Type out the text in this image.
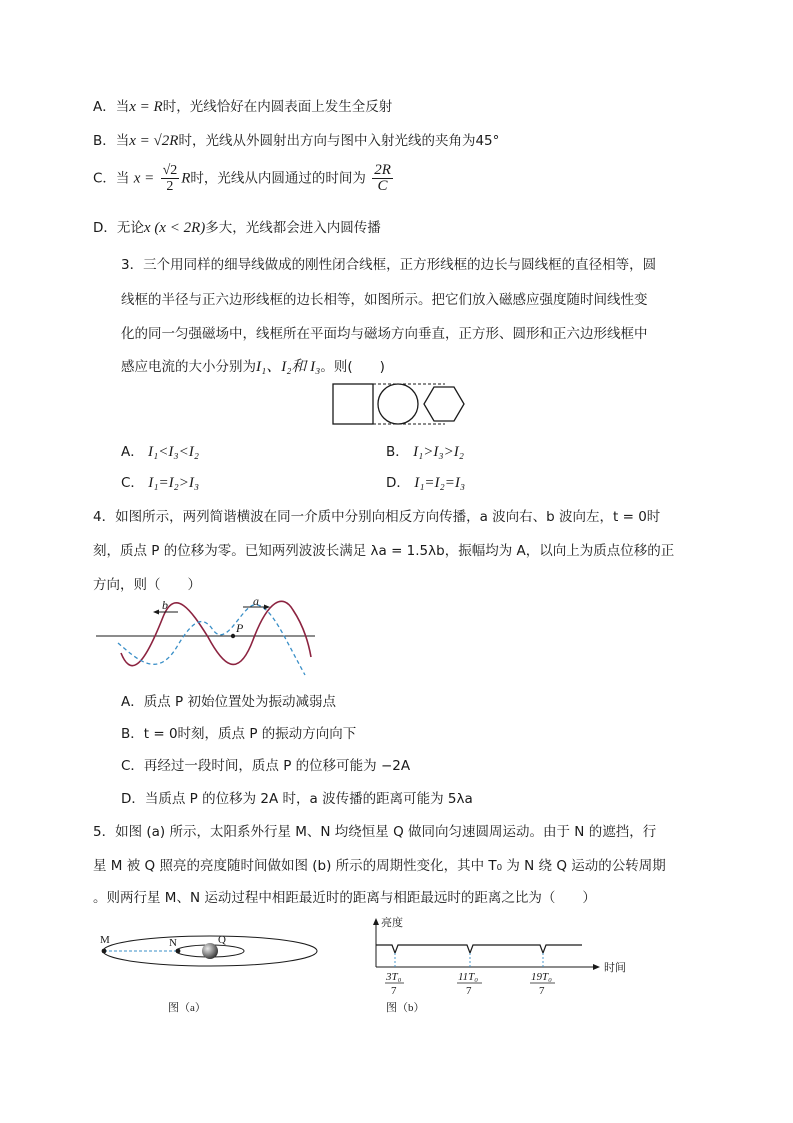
A．当x = R时，光线恰好在内圆表面上发生全反射
B．当x = √2R时，光线从外圆射出方向与图中入射光线的夹角为45°
C．当 $x = \frac{√2}{2}$ R时，光线从内圆通过的时间为 $\frac{2R}{C}$
D．无论x (x < 2R)多大，光线都会进入内圆传播
3．三个用同样的细导线做成的刚性闭合线框，正方形线框的边长与圆线框的直径相等，圆
线框的半径与正六边形线框的边长相等，如图所示。把它们放入磁感应强度随时间线性变
化的同一匀强磁场中，线框所在平面均与磁场方向垂直，正方形、圆形和正六边形线框中
感应电流的大小分别为I₁、I₂和 I₃。则(　　)
A． I₁<I₃<I₂	B． I₁>I₃>I₂
C． I₁=I₂>I₃	D． I₁=I₂=I₃
4．如图所示，两列简谐横波在同一介质中分别向相反方向传播，a 波向右、b 波向左，t = 0时
刻，质点 P 的位移为零。已知两列波波长满足 λa = 1.5λb，振幅均为 A，以向上为质点位移的正
方向，则（　　）
b	a
P
A．质点 P 初始位置处为振动减弱点
B．t = 0时刻，质点 P 的振动方向向下
C．再经过一段时间，质点 P 的位移可能为 −2A
D．当质点 P 的位移为 2A 时，a 波传播的距离可能为 5λa
5．如图 (a) 所示，太阳系外行星 M、N 均绕恒星 Q 做同向匀速圆周运动。由于 N 的遮挡，行
星 M 被 Q 照亮的亮度随时间做如图 (b) 所示的周期性变化，其中 T₀ 为 N 绕 Q 运动的公转周期
。则两行星 M、N 运动过程中相距最近时的距离与相距最远时的距离之比为（　　）
M	N	Q
图（a）
亮度
时间
3T₀
7
11T₀
7
19T₀
7
图（b）
